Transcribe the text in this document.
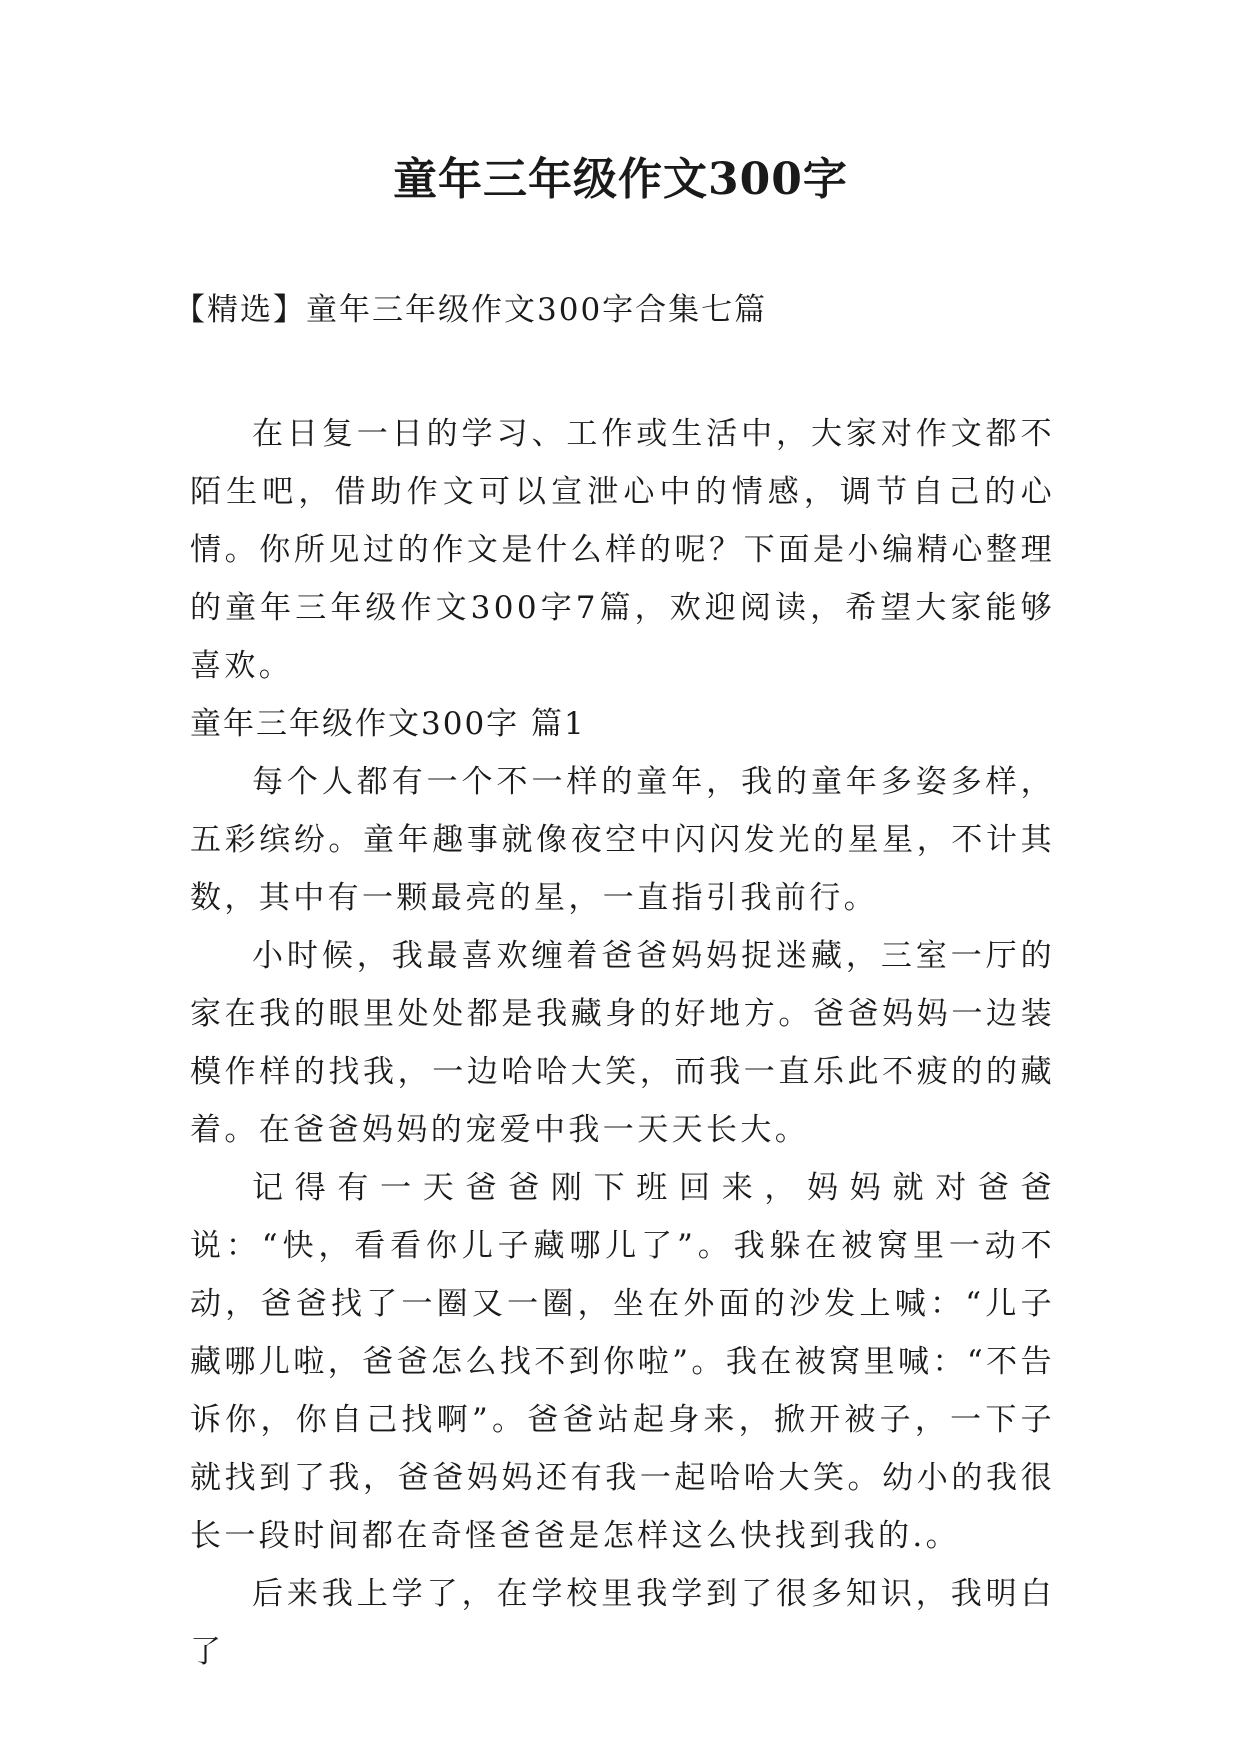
童年三年级作文300字
【精选】童年三年级作文300字合集七篇

在日复一日的学习、工作或生活中，大家对作文都不陌生吧，借助作文可以宣泄心中的情感，调节自己的心情。你所见过的作文是什么样的呢？下面是小编精心整理的童年三年级作文300字7篇，欢迎阅读，希望大家能够喜欢。

童年三年级作文300字 篇1

每个人都有一个不一样的童年，我的童年多姿多样，五彩缤纷。童年趣事就像夜空中闪闪发光的星星，不计其数，其中有一颗最亮的星，一直指引我前行。

小时候，我最喜欢缠着爸爸妈妈捉迷藏，三室一厅的家在我的眼里处处都是我藏身的好地方。爸爸妈妈一边装模作样的找我，一边哈哈大笑，而我一直乐此不疲的的藏着。在爸爸妈妈的宠爱中我一天天长大。

记得有一天爸爸刚下班回来，妈妈就对爸爸说：“快，看看你儿子藏哪儿了”。我躲在被窝里一动不动，爸爸找了一圈又一圈，坐在外面的沙发上喊：“儿子藏哪儿啦，爸爸怎么找不到你啦”。我在被窝里喊：“不告诉你，你自己找啊”。爸爸站起身来，掀开被子，一下子就找到了我，爸爸妈妈还有我一起哈哈大笑。幼小的我很长一段时间都在奇怪爸爸是怎样这么快找到我的.。

后来我上学了，在学校里我学到了很多知识，我明白了
